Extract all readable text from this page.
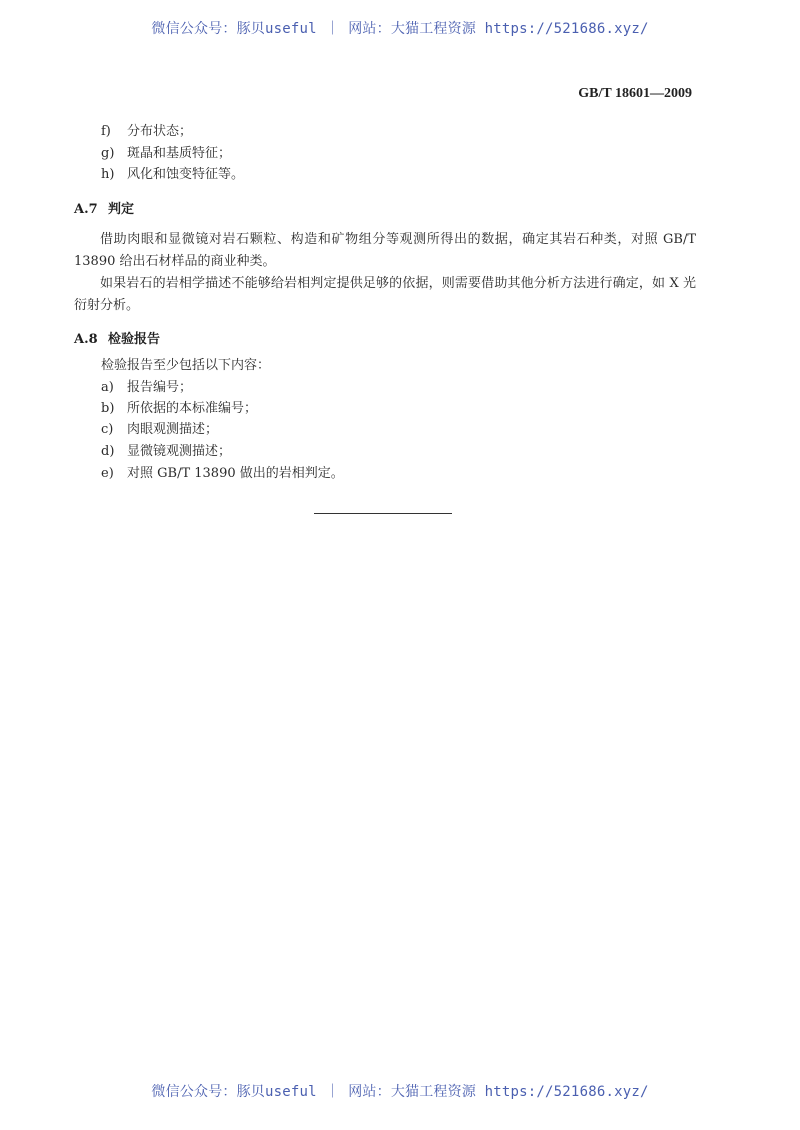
微信公众号：豚贝useful ｜ 网站：大猫工程资源 https://521686.xyz/
GB/T 18601—2009
f) 分布状态；
g) 斑晶和基质特征；
h) 风化和蚀变特征等。
A.7 判定
借助肉眼和显微镜对岩石颗粒、构造和矿物组分等观测所得出的数据，确定其岩石种类，对照 GB/T 13890 给出石材样品的商业种类。
如果岩石的岩相学描述不能够给岩相判定提供足够的依据，则需要借助其他分析方法进行确定，如 X 光衍射分析。
A.8 检验报告
检验报告至少包括以下内容：
a) 报告编号；
b) 所依据的本标准编号；
c) 肉眼观测描述；
d) 显微镜观测描述；
e) 对照 GB/T 13890 做出的岩相判定。
微信公众号：豚贝useful ｜ 网站：大猫工程资源 https://521686.xyz/
